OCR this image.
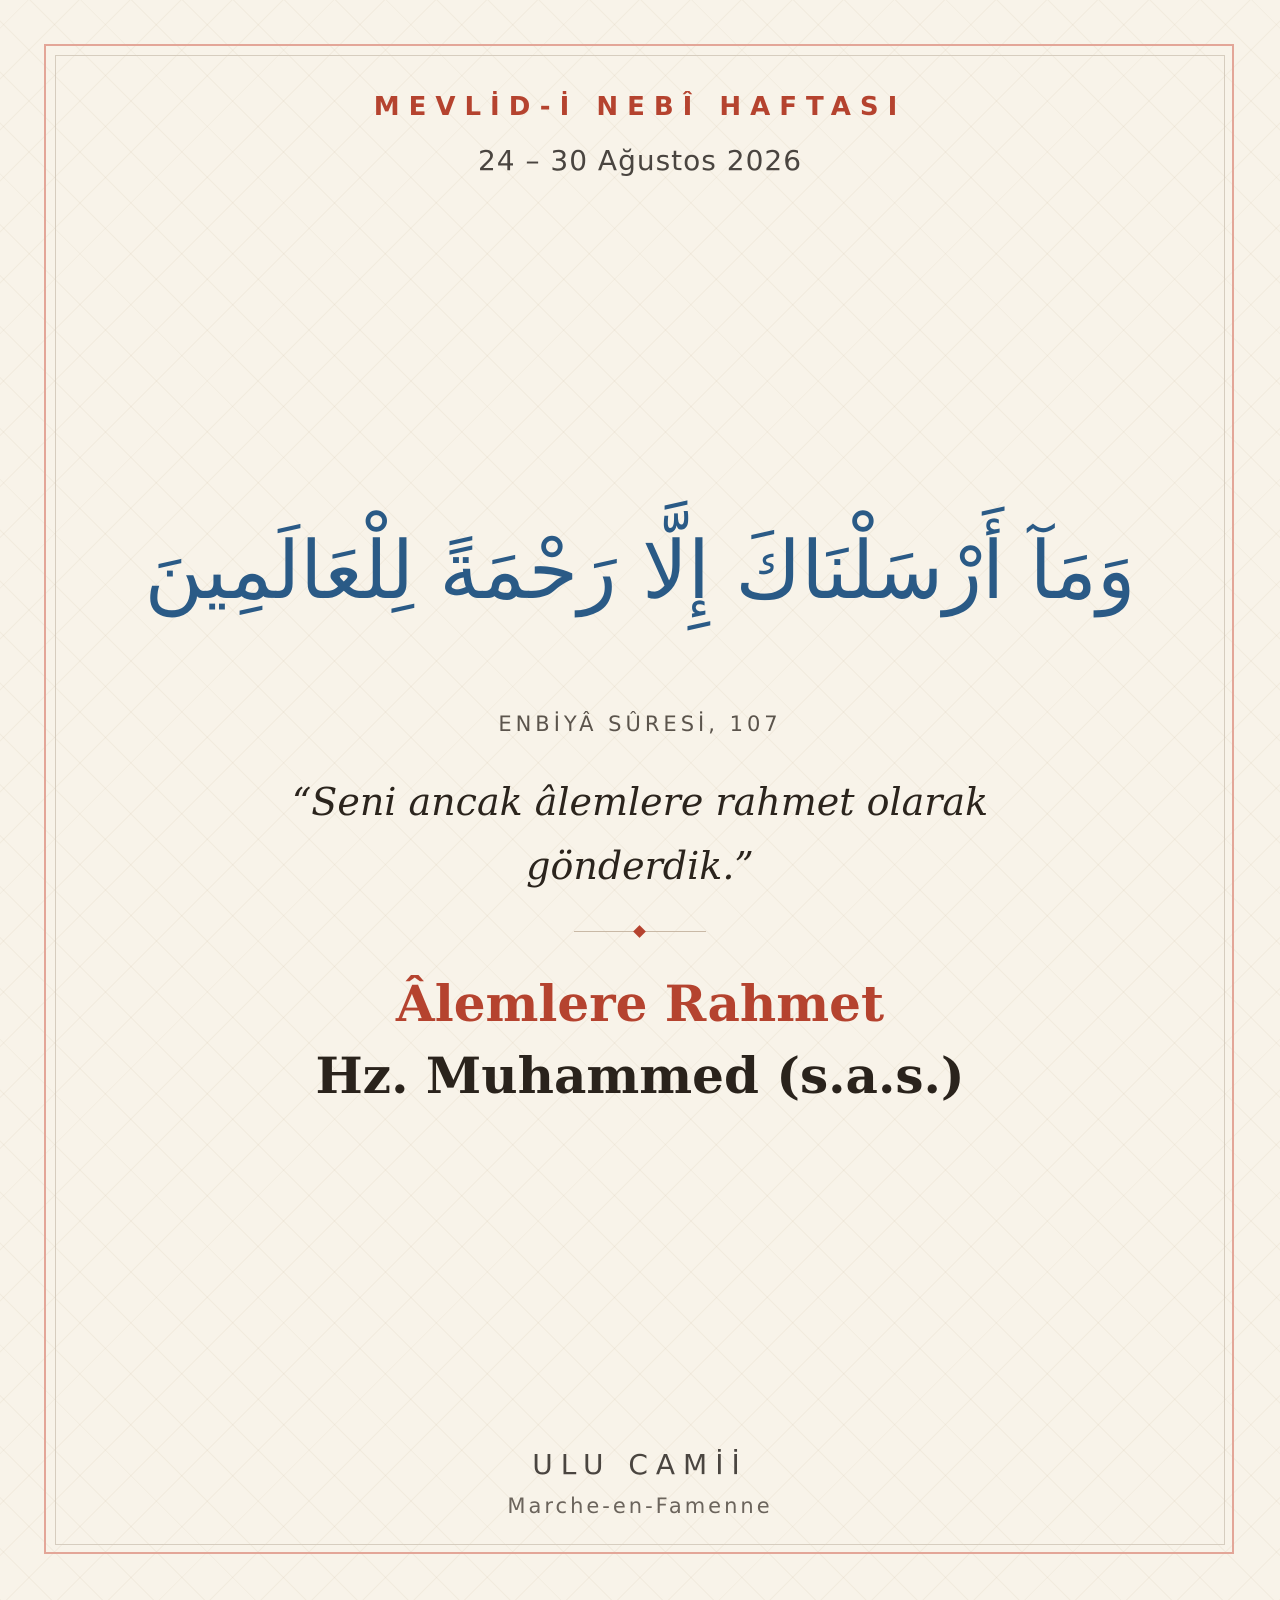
MEVLİD-İ NEBÎ HAFTASI
24 – 30 Ağustos 2026
وَمَآ أَرْسَلْنَاكَ إِلَّا رَحْمَةً لِلْعَالَمِينَ
ENBİYÂ SÛRESİ, 107
“Seni ancak âlemlere rahmet olarak gönderdik.”
Âlemlere Rahmet
Hz. Muhammed (s.a.s.)
ULU CAMİİ
Marche-en-Famenne
